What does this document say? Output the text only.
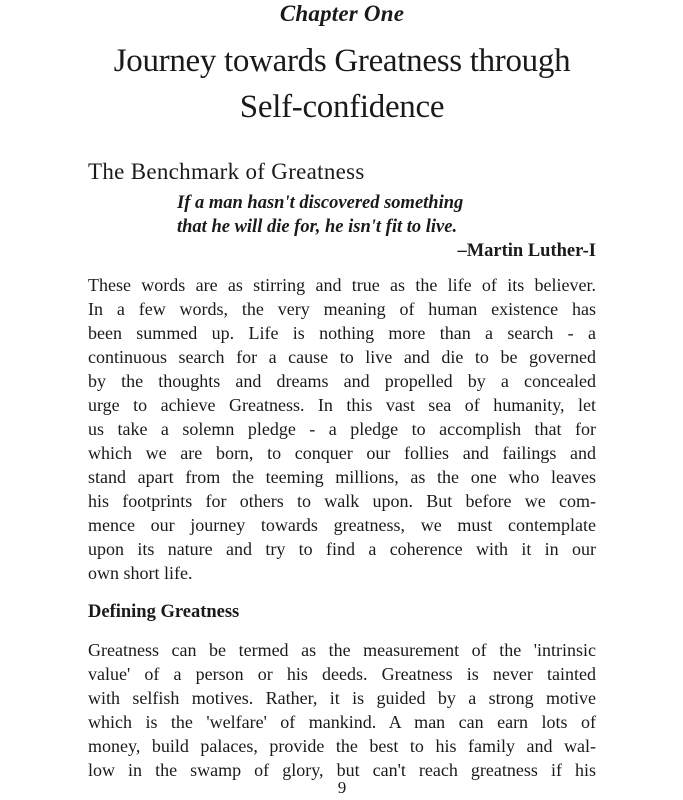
Chapter One
Journey towards Greatness through
Self-confidence
The Benchmark of Greatness
If a man hasn't discovered something
that he will die for, he isn't fit to live.
–Martin Luther-I
These words are as stirring and true as the life of its believer.
In a few words, the very meaning of human existence has
been summed up. Life is nothing more than a search - a
continuous search for a cause to live and die to be governed
by the thoughts and dreams and propelled by a concealed
urge to achieve Greatness. In this vast sea of humanity, let
us take a solemn pledge - a pledge to accomplish that for
which we are born, to conquer our follies and failings and
stand apart from the teeming millions, as the one who leaves
his footprints for others to walk upon. But before we com-
mence our journey towards greatness, we must contemplate
upon its nature and try to find a coherence with it in our
own short life.
Defining Greatness
Greatness can be termed as the measurement of the 'intrinsic
value' of a person or his deeds. Greatness is never tainted
with selfish motives. Rather, it is guided by a strong motive
which is the 'welfare' of mankind. A man can earn lots of
money, build palaces, provide the best to his family and wal-
low in the swamp of glory, but can't reach greatness if his
9
